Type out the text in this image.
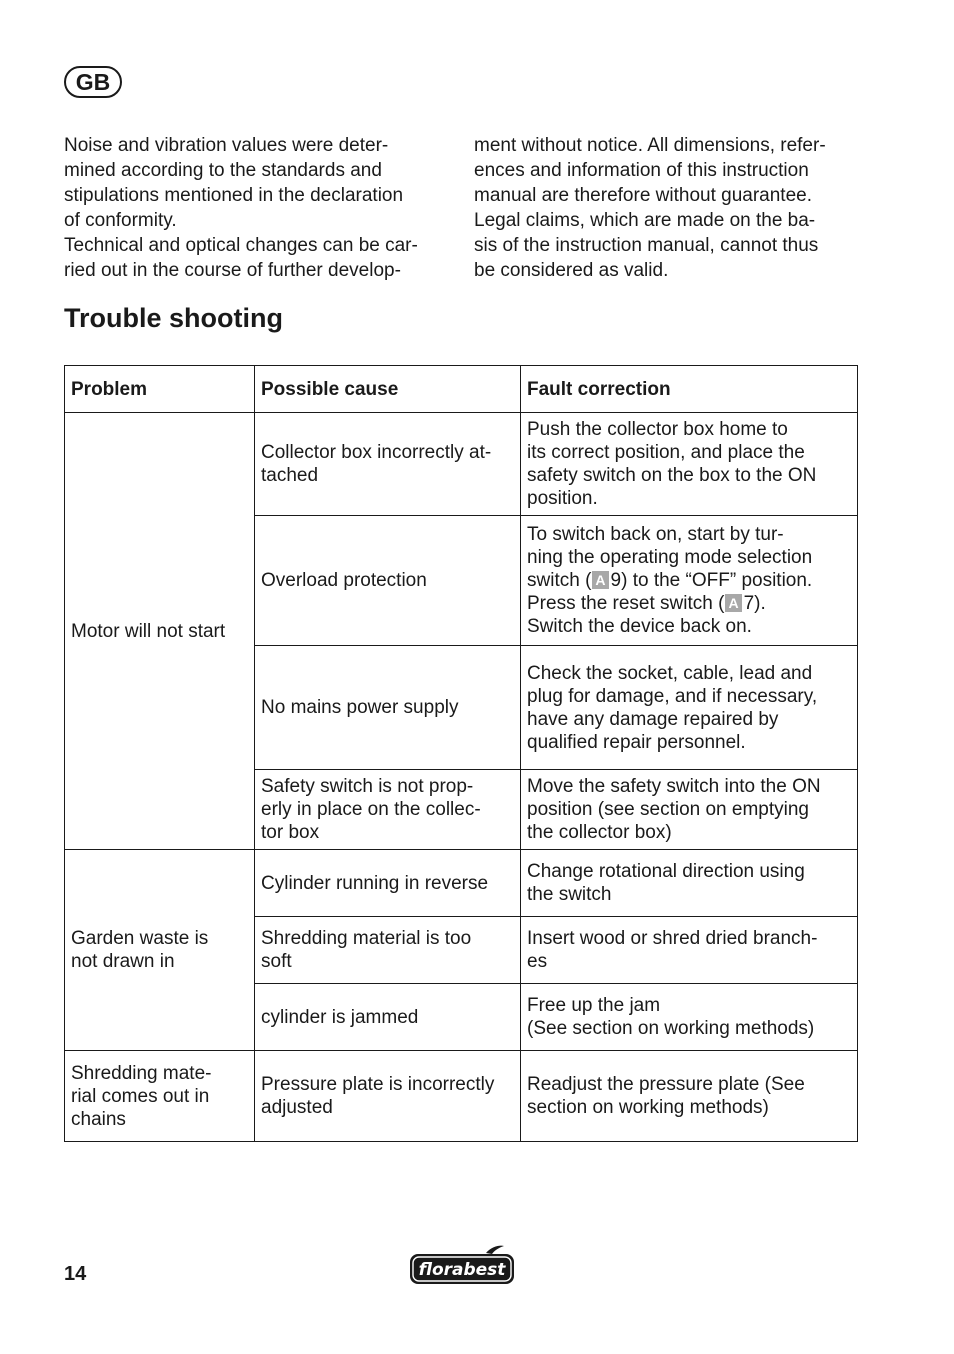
GB

Noise and vibration values were deter-

mined according to the standards and

stipulations mentioned in the declaration

of conformity.

Technical and optical changes can be car-

ried out in the course of further develop-

ment without notice. All dimensions, refer-

ences and information of this instruction

manual are therefore without guarantee.

Legal claims, which are made on the ba-

sis of the instruction manual, cannot thus

be considered as valid.

Trouble shooting
Problem	Possible cause	Fault correction
Motor will not start	Collector box incorrectly at-
tached	Push the collector box home to
its correct position, and place the
safety switch on the box to the ON
position.
	Overload protection	To switch back on, start by tur-
ning the operating mode selection
switch ( A 9) to the “OFF” position.
Press the reset switch ( A 7).
Switch the device back on.

	No mains power supply	Check the socket, cable, lead and
plug for damage, and if necessary,
have any damage repaired by
qualified repair personnel.
	Safety switch is not prop-
erly in place on the collec-
tor box	Move the safety switch into the ON
position (see section on emptying
the collector box)
Garden waste is
not drawn in	Cylinder running in reverse	Change rotational direction using
the switch
	Shredding material is too
soft	Insert wood or shred dried branch-
es
	cylinder is jammed	Free up the jam
(See section on working methods)
Shredding mate-
rial comes out in
chains	Pressure plate is incorrectly
adjusted	Readjust the pressure plate (See
section on working methods)
14	florabest
